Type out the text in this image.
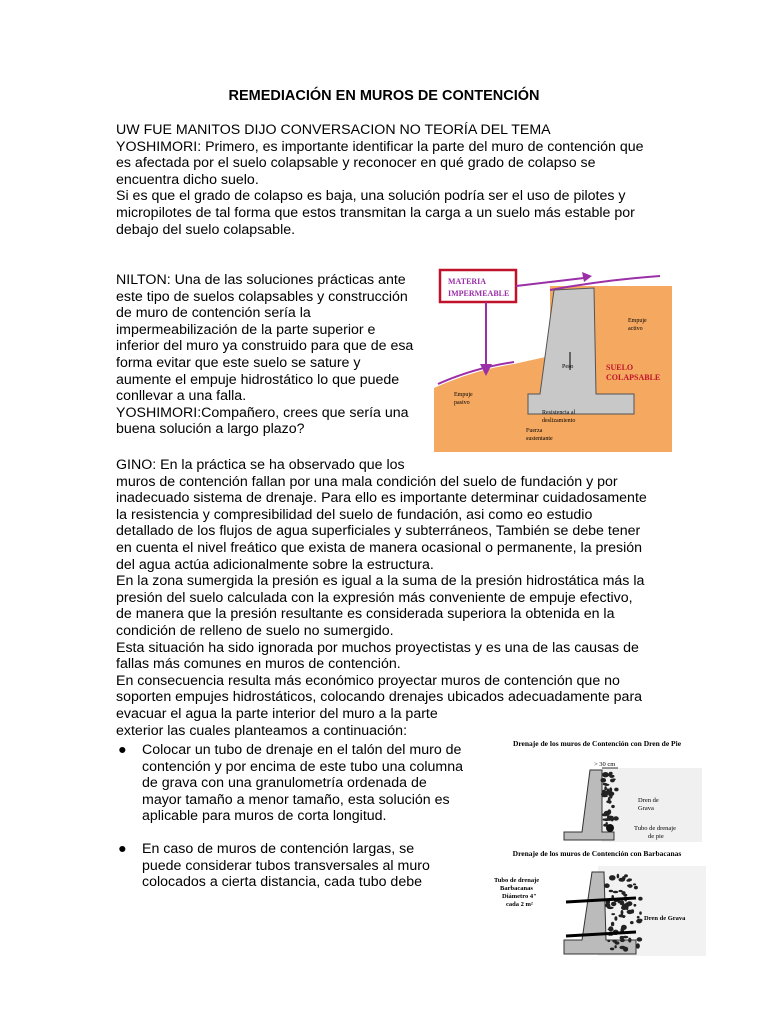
REMEDIACIÓN EN MUROS DE CONTENCIÓN

UW FUE MANITOS DIJO CONVERSACION NO TEORÍA DEL TEMA
YOSHIMORI: Primero, es importante identificar la parte del muro de contención que
es afectada por el suelo colapsable y reconocer en qué grado de colapso se
encuentra dicho suelo.
Si es que el grado de colapso es baja, una solución podría ser el uso de pilotes y
micropilotes de tal forma que estos transmitan la carga a un suelo más estable por
debajo del suelo colapsable.

NILTON: Una de las soluciones prácticas ante
este tipo de suelos colapsables y construcción
de muro de contención sería la
impermeabilización de la parte superior e
inferior del muro ya construido para que de esa
forma evitar que este suelo se sature y
aumente el empuje hidrostático lo que puede
conllevar a una falla.
YOSHIMORI:Compañero, crees que sería una
buena solución a largo plazo?

GINO: En la práctica se ha observado que los
muros de contención fallan por una mala condición del suelo de fundación y por
inadecuado sistema de drenaje. Para ello es importante determinar cuidadosamente
la resistencia y compresibilidad del suelo de fundación, asi como eo estudio
detallado de los flujos de agua superficiales y subterráneos, También se debe tener
en cuenta el nivel freático que exista de manera ocasional o permanente, la presión
del agua actúa adicionalmente sobre la estructura.
En la zona sumergida la presión es igual a la suma de la presión hidrostática más la
presión del suelo calculada con la expresión más conveniente de empuje efectivo,
de manera que la presión resultante es considerada superiora la obtenida en la
condición de relleno de suelo no sumergido.
Esta situación ha sido ignorada por muchos proyectistas y es una de las causas de
fallas más comunes en muros de contención.
En consecuencia resulta más económico proyectar muros de contención que no
soporten empujes hidrostáticos, colocando drenajes ubicados adecuadamente para
evacuar el agua la parte interior del muro a la parte
exterior las cuales planteamos a continuación:

● Colocar un tubo de drenaje en el talón del muro de
contención y por encima de este tubo una columna
de grava con una granulometría ordenada de
mayor tamaño a menor tamaño, esta solución es
aplicable para muros de corta longitud.
● En caso de muros de contención largas, se
puede considerar tubos transversales al muro
colocados a cierta distancia, cada tubo debe
MATERIA
IMPERMEABLE
Empuje
activo
SUELO
COLAPSABLE
Peso
Empuje
pasivo
Resistencia al
deslizamiento
Fuerza
sustentante
Drenaje de los muros de Contención con Dren de Pie
> 30 cm
Dren de
Grava
Tubo de drenaje
de pie
Drenaje de los muros de Contención con Barbacanas
Tubo de drenaje
Barbacanas
Diámetro 4"
cada 2 m²
Dren de Grava
